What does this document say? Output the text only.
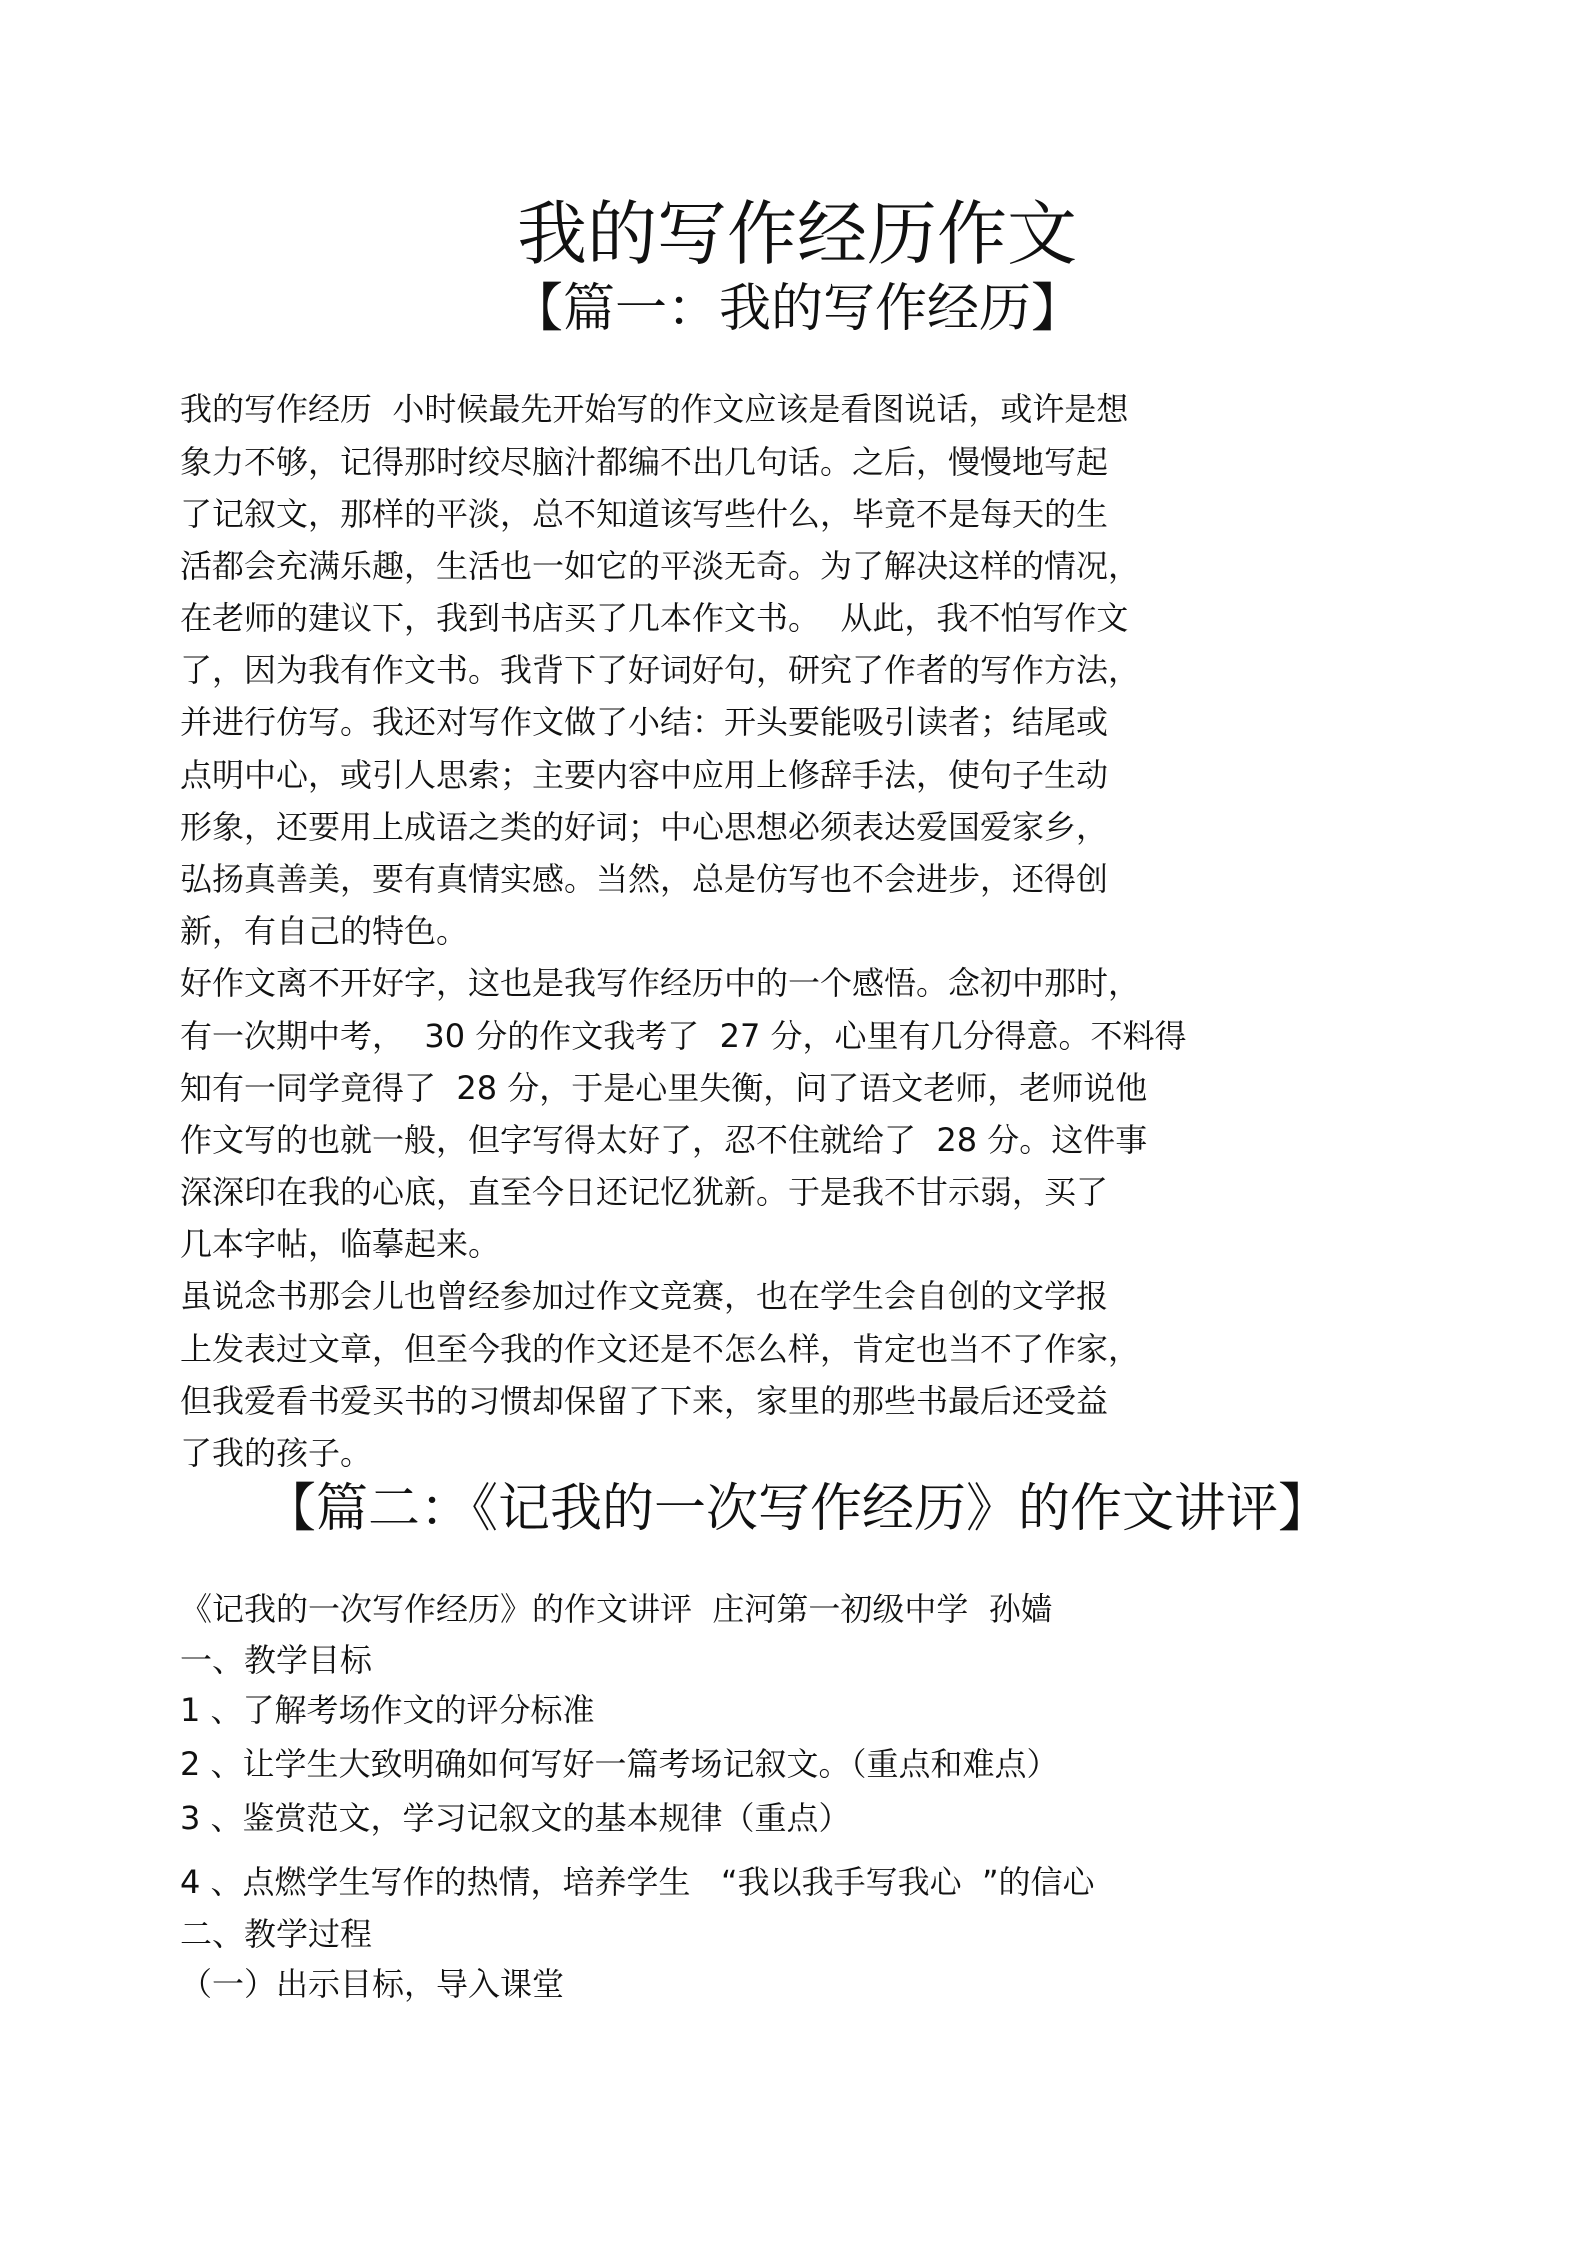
我的写作经历作文
【篇一：我的写作经历】
【篇二：《记我的一次写作经历》的作文讲评】
我的写作经历  小时候最先开始写的作文应该是看图说话，或许是想
象力不够，记得那时绞尽脑汁都编不出几句话。之后，慢慢地写起
了记叙文，那样的平淡，总不知道该写些什么，毕竟不是每天的生
活都会充满乐趣，生活也一如它的平淡无奇。为了解决这样的情况，
在老师的建议下，我到书店买了几本作文书。  从此，我不怕写作文
了，因为我有作文书。我背下了好词好句，研究了作者的写作方法，
并进行仿写。我还对写作文做了小结：开头要能吸引读者；结尾或
点明中心，或引人思索；主要内容中应用上修辞手法，使句子生动
形象，还要用上成语之类的好词；中心思想必须表达爱国爱家乡，
弘扬真善美，要有真情实感。当然，总是仿写也不会进步，还得创
新，有自己的特色。
好作文离不开好字，这也是我写作经历中的一个感悟。念初中那时，
有一次期中考，  30 分的作文我考了  27 分，心里有几分得意。不料得
知有一同学竟得了  28 分，于是心里失衡，问了语文老师，老师说他
作文写的也就一般，但字写得太好了，忍不住就给了  28 分。这件事
深深印在我的心底，直至今日还记忆犹新。于是我不甘示弱，买了
几本字帖，临摹起来。
虽说念书那会儿也曾经参加过作文竞赛，也在学生会自创的文学报
上发表过文章，但至今我的作文还是不怎么样，肯定也当不了作家，
但我爱看书爱买书的习惯却保留了下来，家里的那些书最后还受益
了我的孩子。
《记我的一次写作经历》的作文讲评  庄河第一初级中学  孙嫱
一、教学目标
1 、了解考场作文的评分标准
2 、让学生大致明确如何写好一篇考场记叙文。（重点和难点）
3 、鉴赏范文，学习记叙文的基本规律（重点）
4 、点燃学生写作的热情，培养学生   “我以我手写我心  ”的信心
二、教学过程
（一）出示目标，导入课堂
